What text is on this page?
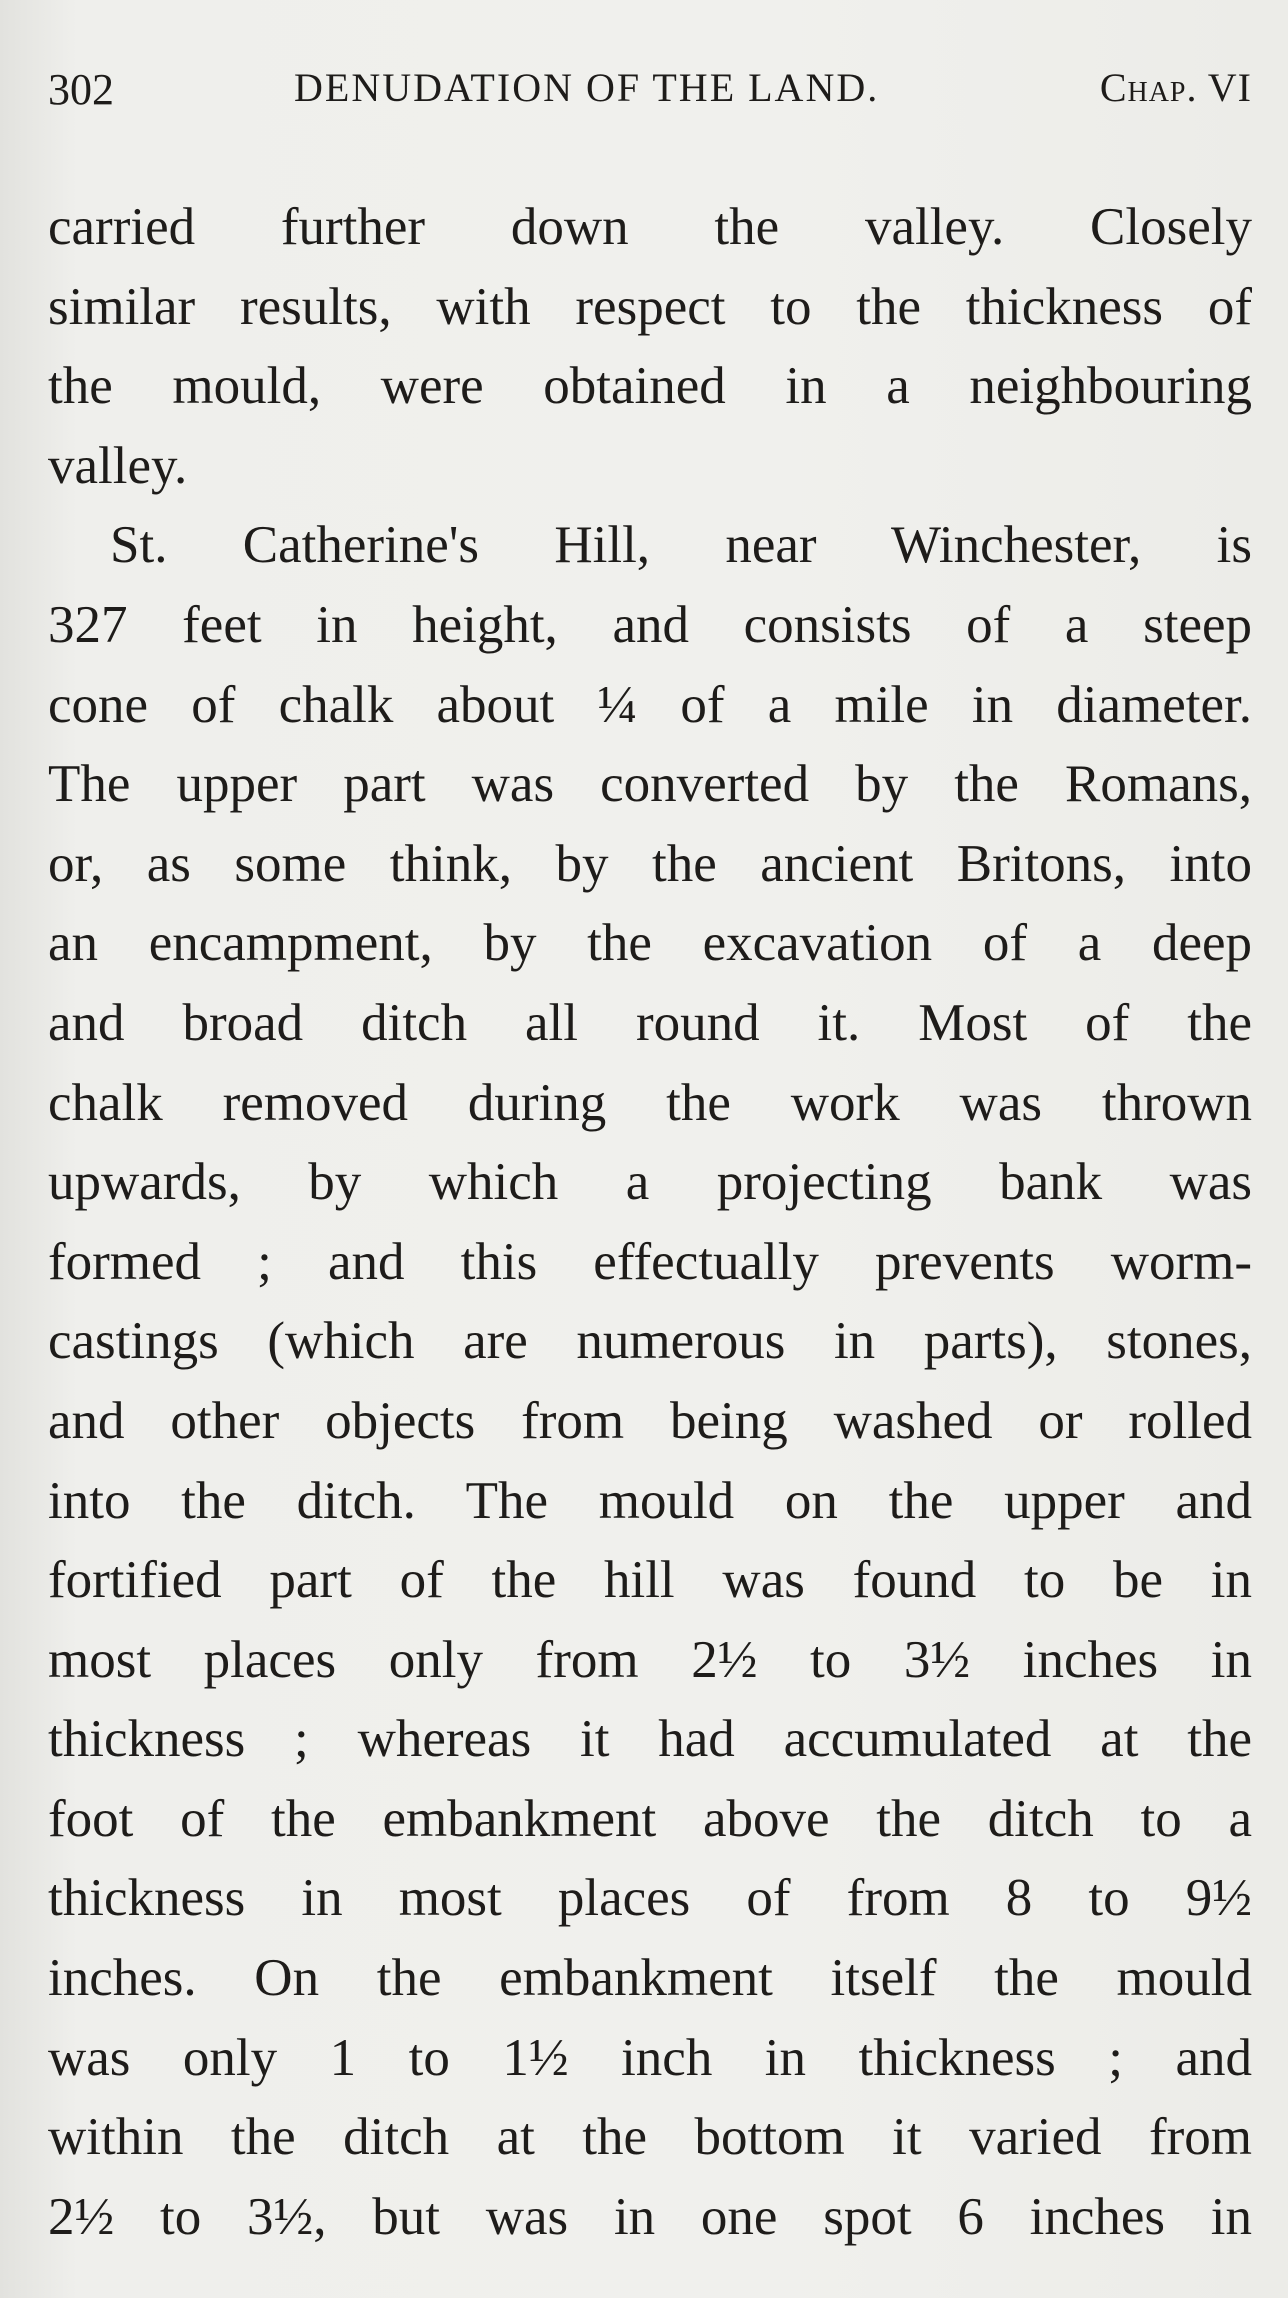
302	DENUDATION OF THE LAND.	Chap. VI
carried further down the valley. Closely
similar results, with respect to the thickness of
the mould, were obtained in a neighbouring
valley.
St. Catherine's Hill, near Winchester, is
327 feet in height, and consists of a steep
cone of chalk about ¼ of a mile in diameter.
The upper part was converted by the Romans,
or, as some think, by the ancient Britons, into
an encampment, by the excavation of a deep
and broad ditch all round it. Most of the
chalk removed during the work was thrown
upwards, by which a projecting bank was
formed ; and this effectually prevents worm-
castings (which are numerous in parts), stones,
and other objects from being washed or rolled
into the ditch. The mould on the upper and
fortified part of the hill was found to be in
most places only from 2½ to 3½ inches in
thickness ; whereas it had accumulated at the
foot of the embankment above the ditch to a
thickness in most places of from 8 to 9½
inches. On the embankment itself the mould
was only 1 to 1½ inch in thickness ; and
within the ditch at the bottom it varied from
2½ to 3½, but was in one spot 6 inches in
